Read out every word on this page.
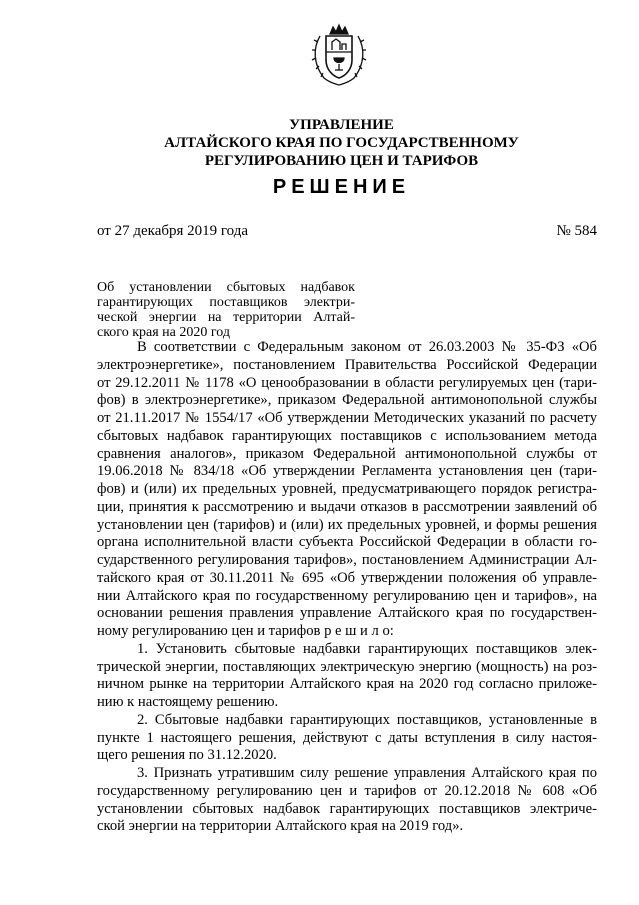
УПРАВЛЕНИЕ
АЛТАЙСКОГО КРАЯ ПО ГОСУДАРСТВЕННОМУ
РЕГУЛИРОВАНИЮ ЦЕН И ТАРИФОВ
РЕШЕНИЕ
от 27 декабря 2019 года	№ 584
Об установлении сбытовых надбавок
гарантирующих поставщиков электри-
ческой энергии на территории Алтай-
ского края на 2020 год
В соответствии с Федеральным законом от 26.03.2003 № 35-ФЗ «Об
электроэнергетике», постановлением Правительства Российской Федерации
от 29.12.2011 № 1178 «О ценообразовании в области регулируемых цен (тари-
фов) в электроэнергетике», приказом Федеральной антимонопольной службы
от 21.11.2017 № 1554/17 «Об утверждении Методических указаний по расчету
сбытовых надбавок гарантирующих поставщиков с использованием метода
сравнения аналогов», приказом Федеральной антимонопольной службы от
19.06.2018 № 834/18 «Об утверждении Регламента установления цен (тари-
фов) и (или) их предельных уровней, предусматривающего порядок регистра-
ции, принятия к рассмотрению и выдачи отказов в рассмотрении заявлений об
установлении цен (тарифов) и (или) их предельных уровней, и формы решения
органа исполнительной власти субъекта Российской Федерации в области го-
сударственного регулирования тарифов», постановлением Администрации Ал-
тайского края от 30.11.2011 № 695 «Об утверждении положения об управле-
нии Алтайского края по государственному регулированию цен и тарифов», на
основании решения правления управление Алтайского края по государствен-
ному регулированию цен и тарифов р е ш и л о:
1. Установить сбытовые надбавки гарантирующих поставщиков элек-
трической энергии, поставляющих электрическую энергию (мощность) на роз-
ничном рынке на территории Алтайского края на 2020 год согласно приложе-
нию к настоящему решению.
2. Сбытовые надбавки гарантирующих поставщиков, установленные в
пункте 1 настоящего решения, действуют с даты вступления в силу настоя-
щего решения по 31.12.2020.
3. Признать утратившим силу решение управления Алтайского края по
государственному регулированию цен и тарифов от 20.12.2018 № 608 «Об
установлении сбытовых надбавок гарантирующих поставщиков электриче-
ской энергии на территории Алтайского края на 2019 год».
